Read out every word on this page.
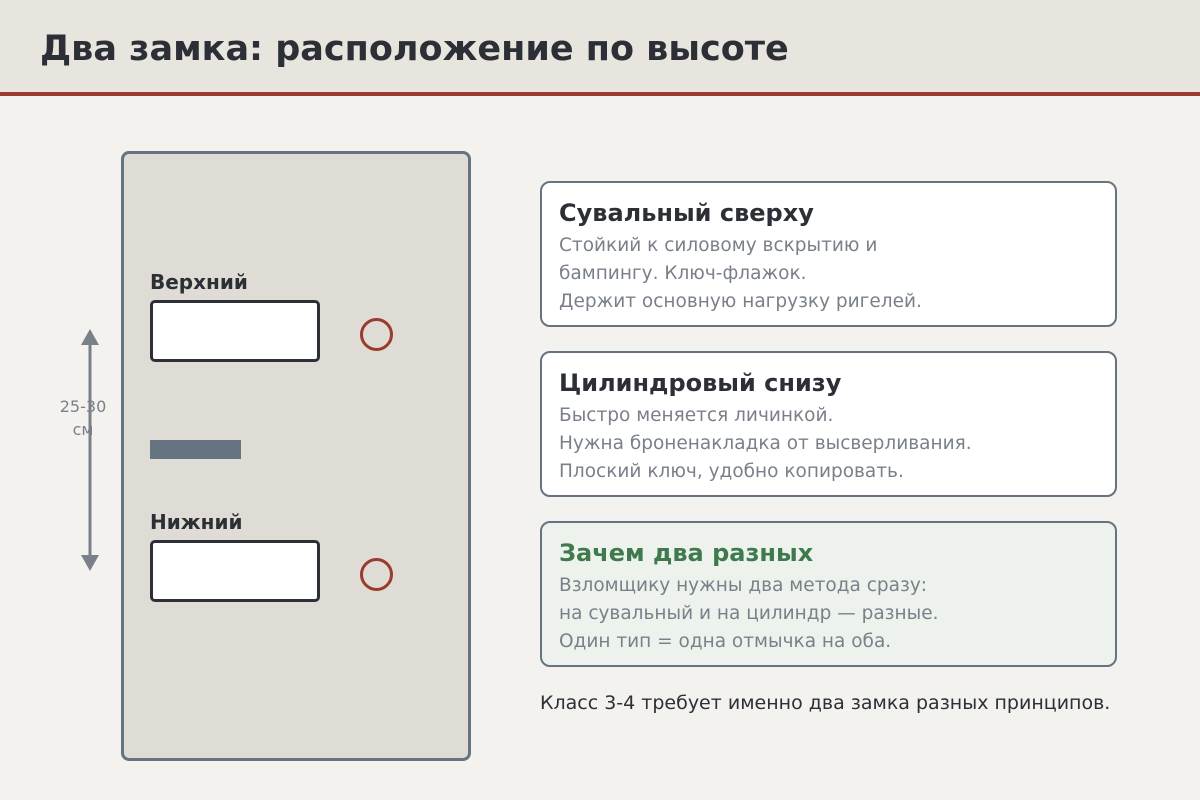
Два замка: расположение по высоте
Верхний
Нижний
25-30 см
Сувальный сверху
Стойкий к силовому вскрытию и
бампингу. Ключ-флажок.
Держит основную нагрузку ригелей.
Цилиндровый снизу
Быстро меняется личинкой.
Нужна броненакладка от высверливания.
Плоский ключ, удобно копировать.
Зачем два разных
Взломщику нужны два метода сразу:
на сувальный и на цилиндр — разные.
Один тип = одна отмычка на оба.
Класс 3-4 требует именно два замка разных принципов.
